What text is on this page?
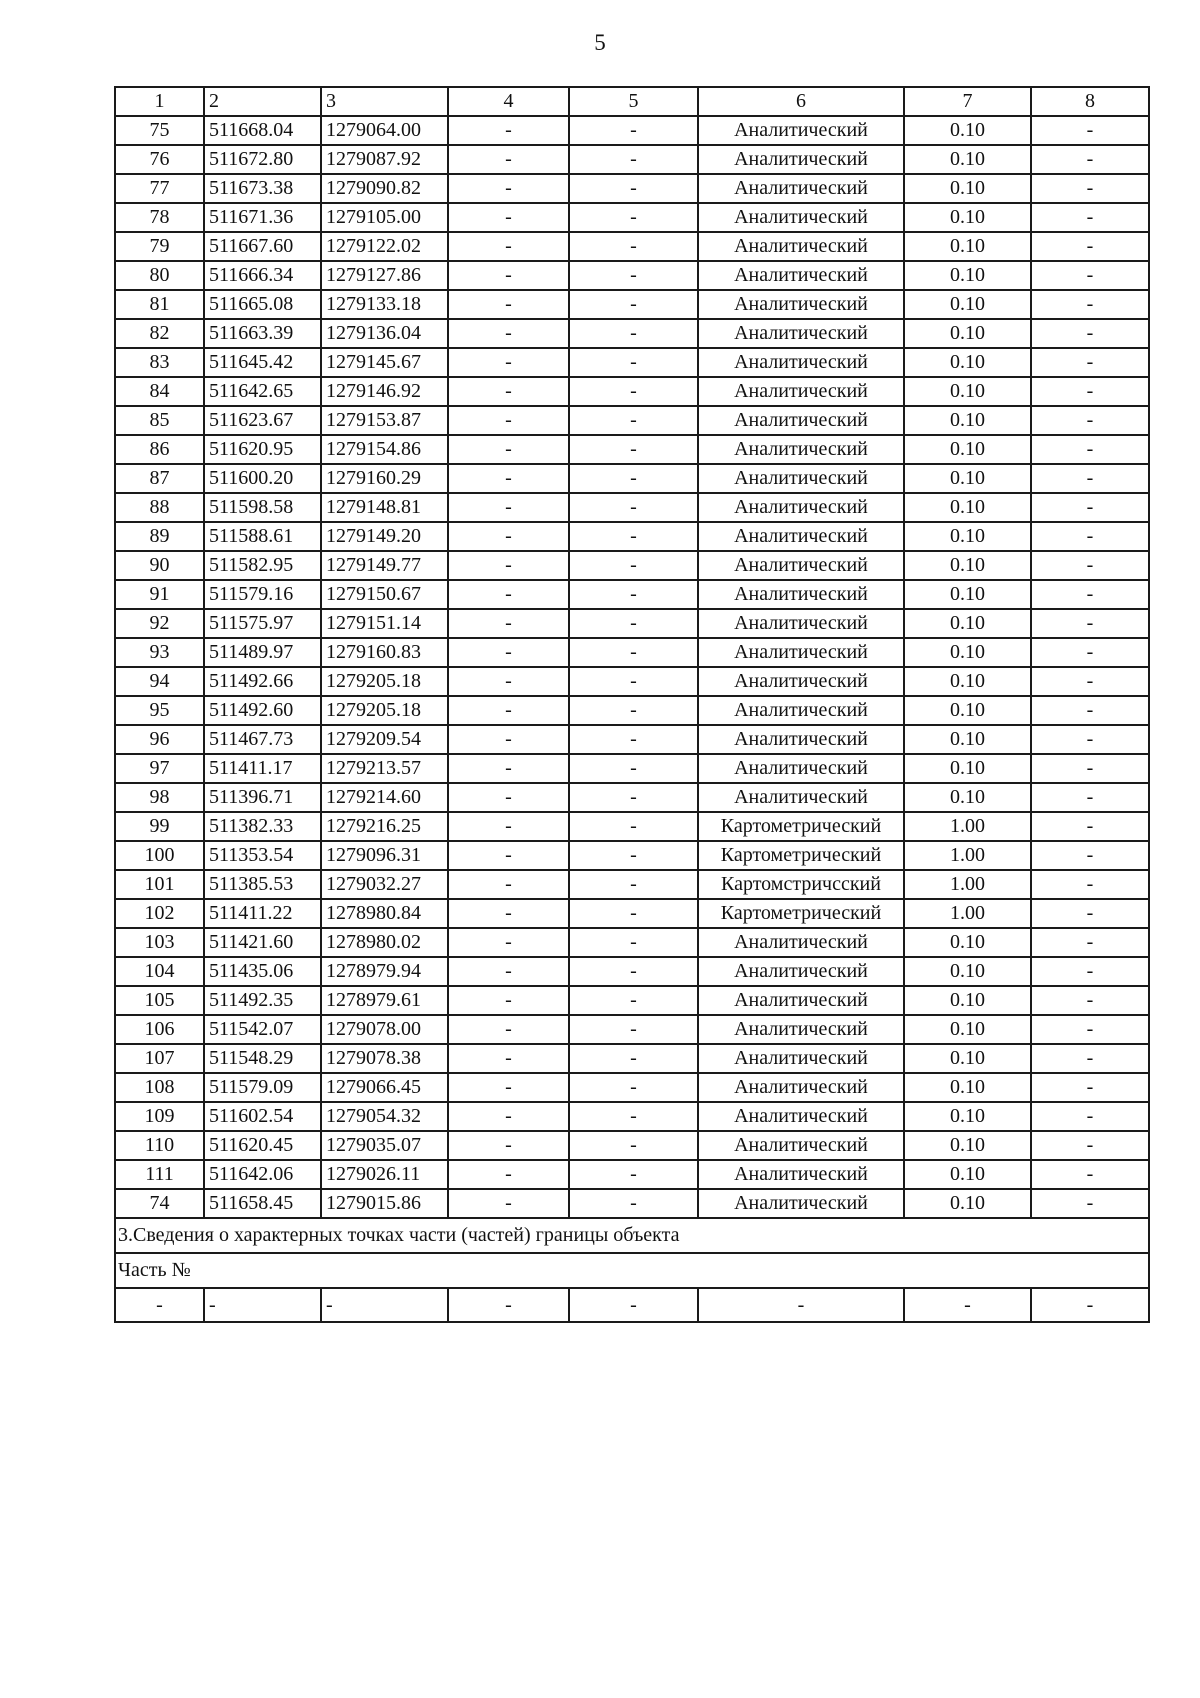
5
1	2	3	4	5	6	7	8
75	511668.04	1279064.00	-	-	Аналитический	0.10	-
76	511672.80	1279087.92	-	-	Аналитический	0.10	-
77	511673.38	1279090.82	-	-	Аналитический	0.10	-
78	511671.36	1279105.00	-	-	Аналитический	0.10	-
79	511667.60	1279122.02	-	-	Аналитический	0.10	-
80	511666.34	1279127.86	-	-	Аналитический	0.10	-
81	511665.08	1279133.18	-	-	Аналитический	0.10	-
82	511663.39	1279136.04	-	-	Аналитический	0.10	-
83	511645.42	1279145.67	-	-	Аналитический	0.10	-
84	511642.65	1279146.92	-	-	Аналитический	0.10	-
85	511623.67	1279153.87	-	-	Аналитический	0.10	-
86	511620.95	1279154.86	-	-	Аналитический	0.10	-
87	511600.20	1279160.29	-	-	Аналитический	0.10	-
88	511598.58	1279148.81	-	-	Аналитический	0.10	-
89	511588.61	1279149.20	-	-	Аналитический	0.10	-
90	511582.95	1279149.77	-	-	Аналитический	0.10	-
91	511579.16	1279150.67	-	-	Аналитический	0.10	-
92	511575.97	1279151.14	-	-	Аналитический	0.10	-
93	511489.97	1279160.83	-	-	Аналитический	0.10	-
94	511492.66	1279205.18	-	-	Аналитический	0.10	-
95	511492.60	1279205.18	-	-	Аналитический	0.10	-
96	511467.73	1279209.54	-	-	Аналитический	0.10	-
97	511411.17	1279213.57	-	-	Аналитический	0.10	-
98	511396.71	1279214.60	-	-	Аналитический	0.10	-
99	511382.33	1279216.25	-	-	Картометрический	1.00	-
100	511353.54	1279096.31	-	-	Картометрический	1.00	-
101	511385.53	1279032.27	-	-	Картомстричсский	1.00	-
102	511411.22	1278980.84	-	-	Картометрический	1.00	-
103	511421.60	1278980.02	-	-	Аналитический	0.10	-
104	511435.06	1278979.94	-	-	Аналитический	0.10	-
105	511492.35	1278979.61	-	-	Аналитический	0.10	-
106	511542.07	1279078.00	-	-	Аналитический	0.10	-
107	511548.29	1279078.38	-	-	Аналитический	0.10	-
108	511579.09	1279066.45	-	-	Аналитический	0.10	-
109	511602.54	1279054.32	-	-	Аналитический	0.10	-
110	511620.45	1279035.07	-	-	Аналитический	0.10	-
111	511642.06	1279026.11	-	-	Аналитический	0.10	-
74	511658.45	1279015.86	-	-	Аналитический	0.10	-
3.Сведения о характерных точках части (частей) границы объекта							
Часть №							
-	-	-	-	-	-	-	-
